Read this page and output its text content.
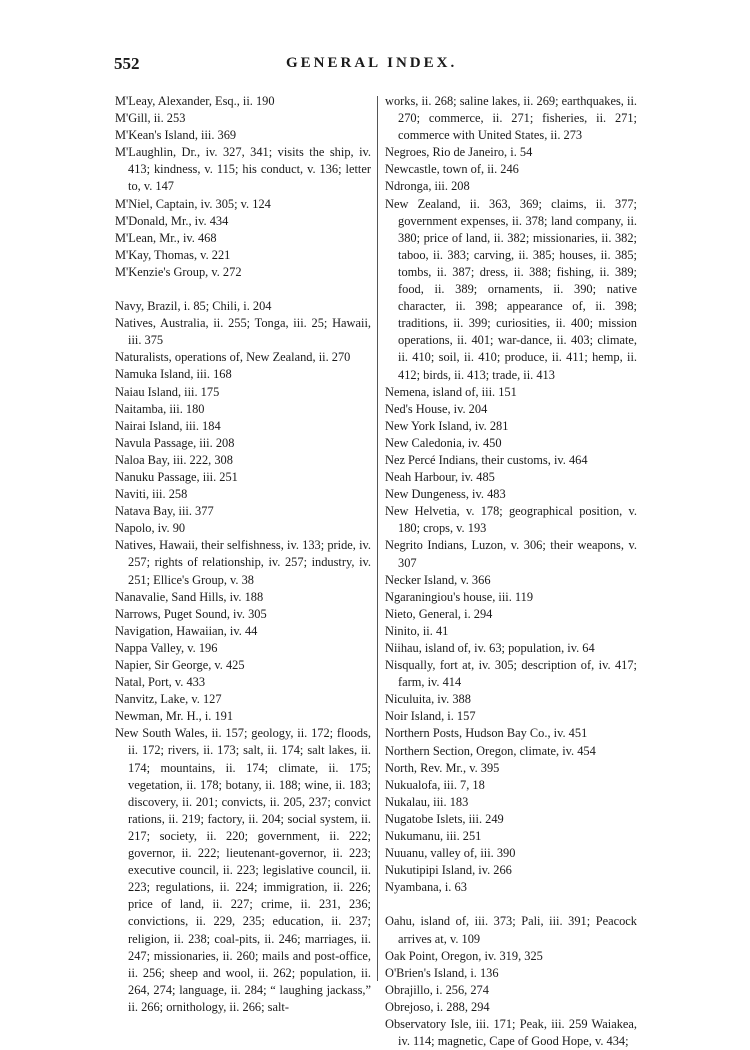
552	GENERAL INDEX.

M'Leay, Alexander, Esq., ii. 190

M'Gill, ii. 253

M'Kean's Island, iii. 369

M'Laughlin, Dr., iv. 327, 341; visits the ship, iv. 413; kindness, v. 115; his conduct, v. 136; letter to, v. 147

M'Niel, Captain, iv. 305; v. 124

M'Donald, Mr., iv. 434

M'Lean, Mr., iv. 468

M'Kay, Thomas, v. 221

M'Kenzie's Group, v. 272

Navy, Brazil, i. 85; Chili, i. 204

Natives, Australia, ii. 255; Tonga, iii. 25; Hawaii, iii. 375

Naturalists, operations of, New Zealand, ii. 270

Namuka Island, iii. 168

Naiau Island, iii. 175

Naitamba, iii. 180

Nairai Island, iii. 184

Navula Passage, iii. 208

Naloa Bay, iii. 222, 308

Nanuku Passage, iii. 251

Naviti, iii. 258

Natava Bay, iii. 377

Napolo, iv. 90

Natives, Hawaii, their selfishness, iv. 133; pride, iv. 257; rights of relationship, iv. 257; industry, iv. 251; Ellice's Group, v. 38

Nanavalie, Sand Hills, iv. 188

Narrows, Puget Sound, iv. 305

Navigation, Hawaiian, iv. 44

Nappa Valley, v. 196

Napier, Sir George, v. 425

Natal, Port, v. 433

Nanvitz, Lake, v. 127

Newman, Mr. H., i. 191

New South Wales, ii. 157; geology, ii. 172; floods, ii. 172; rivers, ii. 173; salt, ii. 174; salt lakes, ii. 174; mountains, ii. 174; climate, ii. 175; vegetation, ii. 178; botany, ii. 188; wine, ii. 183; discovery, ii. 201; convicts, ii. 205, 237; convict rations, ii. 219; factory, ii. 204; social system, ii. 217; society, ii. 220; government, ii. 222; governor, ii. 222; lieutenant-governor, ii. 223; executive council, ii. 223; legislative council, ii. 223; regulations, ii. 224; immigration, ii. 226; price of land, ii. 227; crime, ii. 231, 236; convictions, ii. 229, 235; education, ii. 237; religion, ii. 238; coal-pits, ii. 246; marriages, ii. 247; missionaries, ii. 260; mails and post-office, ii. 256; sheep and wool, ii. 262; population, ii. 264, 274; language, ii. 284; “ laughing jackass,” ii. 266; ornithology, ii. 266; salt-

works, ii. 268; saline lakes, ii. 269; earthquakes, ii. 270; commerce, ii. 271; fisheries, ii. 271; commerce with United States, ii. 273

Negroes, Rio de Janeiro, i. 54

Newcastle, town of, ii. 246

Ndronga, iii. 208

New Zealand, ii. 363, 369; claims, ii. 377; government expenses, ii. 378; land company, ii. 380; price of land, ii. 382; missionaries, ii. 382; taboo, ii. 383; carving, ii. 385; houses, ii. 385; tombs, ii. 387; dress, ii. 388; fishing, ii. 389; food, ii. 389; ornaments, ii. 390; native character, ii. 398; appearance of, ii. 398; traditions, ii. 399; curiosities, ii. 400; mission operations, ii. 401; war-dance, ii. 403; climate, ii. 410; soil, ii. 410; produce, ii. 411; hemp, ii. 412; birds, ii. 413; trade, ii. 413

Nemena, island of, iii. 151

Ned's House, iv. 204

New York Island, iv. 281

New Caledonia, iv. 450

Nez Percé Indians, their customs, iv. 464

Neah Harbour, iv. 485

New Dungeness, iv. 483

New Helvetia, v. 178; geographical position, v. 180; crops, v. 193

Negrito Indians, Luzon, v. 306; their weapons, v. 307

Necker Island, v. 366

Ngaraningiou's house, iii. 119

Nieto, General, i. 294

Ninito, ii. 41

Niihau, island of, iv. 63; population, iv. 64

Nisqually, fort at, iv. 305; description of, iv. 417; farm, iv. 414

Niculuita, iv. 388

Noir Island, i. 157

Northern Posts, Hudson Bay Co., iv. 451

Northern Section, Oregon, climate, iv. 454

North, Rev. Mr., v. 395

Nukualofa, iii. 7, 18

Nukalau, iii. 183

Nugatobe Islets, iii. 249

Nukumanu, iii. 251

Nuuanu, valley of, iii. 390

Nukutipipi Island, iv. 266

Nyambana, i. 63

Oahu, island of, iii. 373; Pali, iii. 391; Peacock arrives at, v. 109

Oak Point, Oregon, iv. 319, 325

O'Brien's Island, i. 136

Obrajillo, i. 256, 274

Obrejoso, i. 288, 294

Observatory Isle, iii. 171; Peak, iii. 259 Waiakea, iv. 114; magnetic, Cape of Good Hope, v. 434;
